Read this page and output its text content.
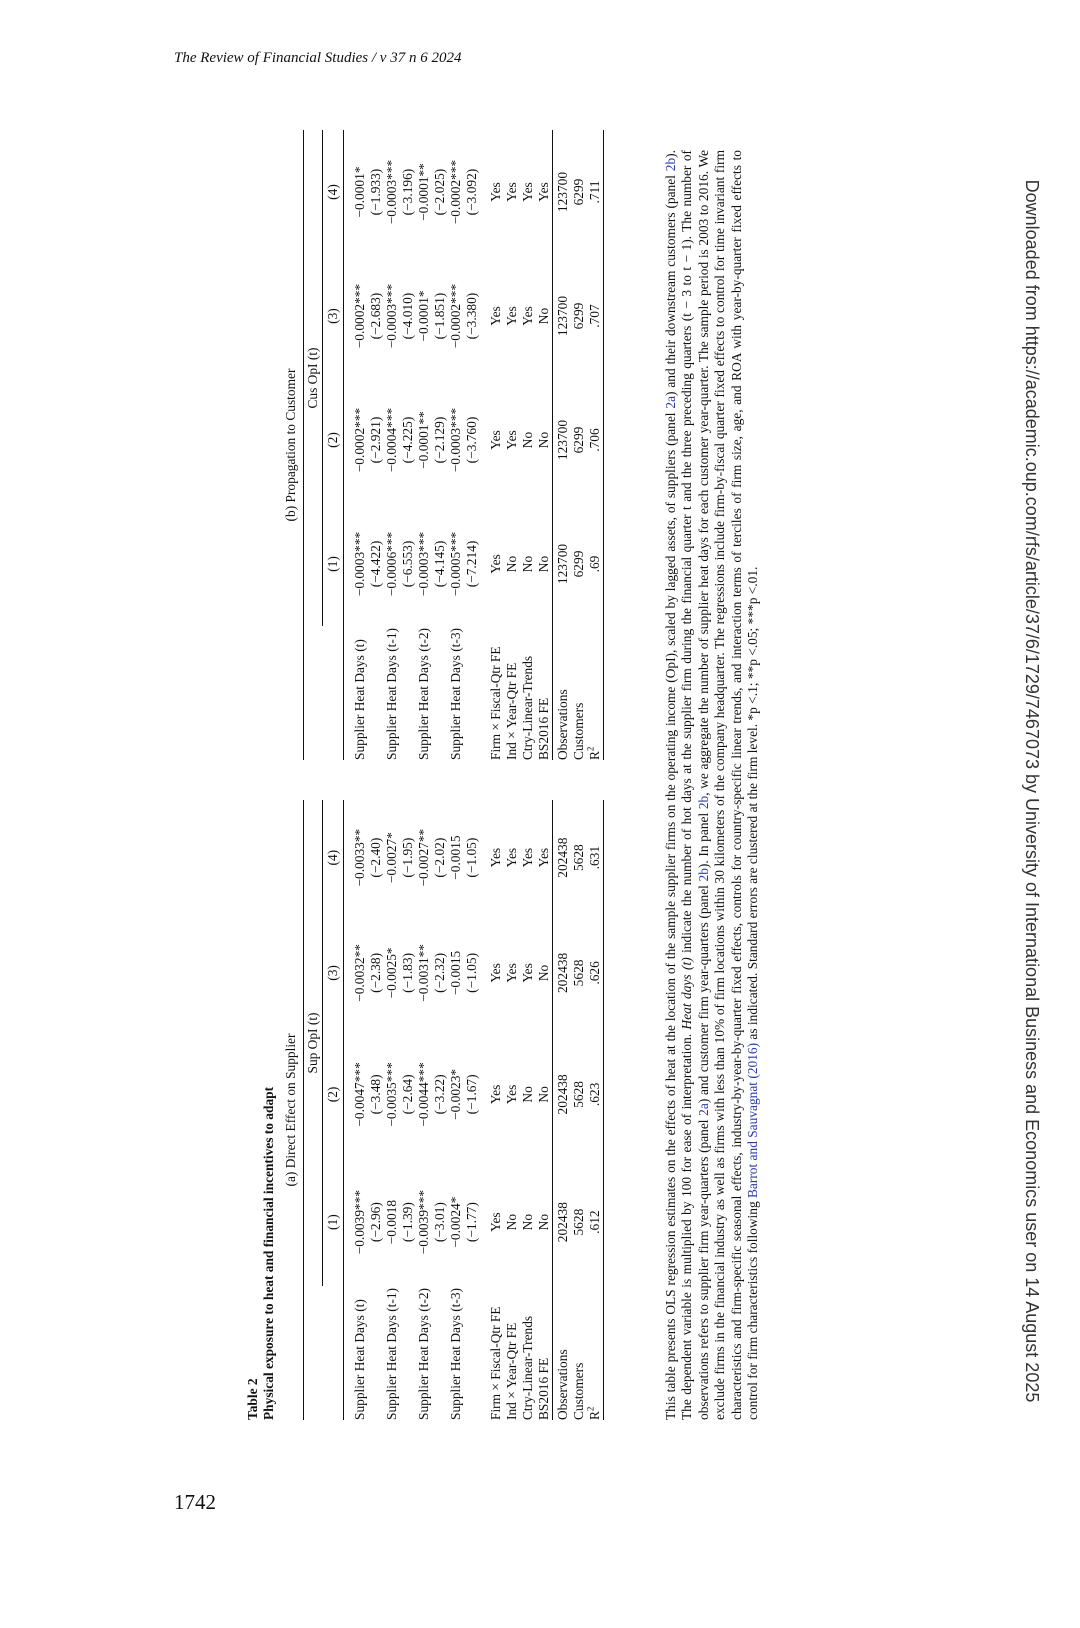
The Review of Financial Studies / v 37 n 6 2024
1742
Downloaded from https://academic.oup.com/rfs/article/37/6/1729/7467073 by University of International Business and Economics user on 14 August 2025
Table 2 Physical exposure to heat and financial incentives to adapt (a) Direct Effect on Supplier
	Sup OpI (t)			
	(1)	(2)	(3)	(4)

Supplier Heat Days (t)	−0.0039***	−0.0047***	−0.0032**	−0.0033**
	(−2.96)	(−3.48)	(−2.38)	(−2.40)
Supplier Heat Days (t-1)	−0.0018	−0.0035***	−0.0025*	−0.0027*
	(−1.39)	(−2.64)	(−1.83)	(−1.95)
Supplier Heat Days (t-2)	−0.0039***	−0.0044***	−0.0031**	−0.0027**
	(−3.01)	(−3.22)	(−2.32)	(−2.02)
Supplier Heat Days (t-3)	−0.0024*	−0.0023*	−0.0015	−0.0015
	(−1.77)	(−1.67)	(−1.05)	(−1.05)

Firm × Fiscal-Qtr FE	Yes	Yes	Yes	Yes
Ind × Year-Qtr FE	No	Yes	Yes	Yes
Ctry-Linear-Trends	No	No	Yes	Yes
BS2016 FE	No	No	No	Yes
Observations	202438	202438	202438	202438
Customers	5628	5628	5628	5628
$R^2$	.612	.623	.626	.631
(b) Propagation to Customer
	Cus OpI (t)			
	(1)	(2)	(3)	(4)

Supplier Heat Days (t)	−0.0003***	−0.0002***	−0.0002***	−0.0001*
	(−4.422)	(−2.921)	(−2.683)	(−1.933)
Supplier Heat Days (t-1)	−0.0006***	−0.0004***	−0.0003***	−0.0003***
	(−6.553)	(−4.225)	(−4.010)	(−3.196)
Supplier Heat Days (t-2)	−0.0003***	−0.0001**	−0.0001*	−0.0001**
	(−4.145)	(−2.129)	(−1.851)	(−2.025)
Supplier Heat Days (t-3)	−0.0005***	−0.0003***	−0.0002***	−0.0002***
	(−7.214)	(−3.760)	(−3.380)	(−3.092)

Firm × Fiscal-Qtr FE	Yes	Yes	Yes	Yes
Ind × Year-Qtr FE	No	Yes	Yes	Yes
Ctry-Linear-Trends	No	No	Yes	Yes
BS2016 FE	No	No	No	Yes
Observations	123700	123700	123700	123700
Customers	6299	6299	6299	6299
$R^2$	.69	.706	.707	.711
This table presents OLS regression estimates on the effects of heat at the location of the sample supplier firms on the operating income (OpI), scaled by lagged assets, of suppliers (panel 2a) and their downstream customers (panel 2b). The dependent variable is multiplied by 100 for ease of interpretation. Heat days (t) indicate the number of hot days at the supplier firm during the financial quarter t and the three preceding quarters (t − 3 to t − 1). The number of observations refers to supplier firm year-quarters (panel 2a) and customer firm year-quarters (panel 2b). In panel 2b, we aggregate the number of supplier heat days for each customer year-quarter. The sample period is 2003 to 2016. We exclude firms in the financial industry as well as firms with less than 10% of firm locations within 30 kilometers of the company headquarter. The regressions include firm-by-fiscal quarter fixed effects to control for time invariant firm characteristics and firm-specific seasonal effects, industry-by-year-by-quarter fixed effects, controls for country-specific linear trends, and interaction terms of terciles of firm size, age, and ROA with year-by-quarter fixed effects to control for firm characteristics following Barrot and Sauvagnat (2016) as indicated. Standard errors are clustered at the firm level. *p <.1; **p <.05; ***p <.01.
